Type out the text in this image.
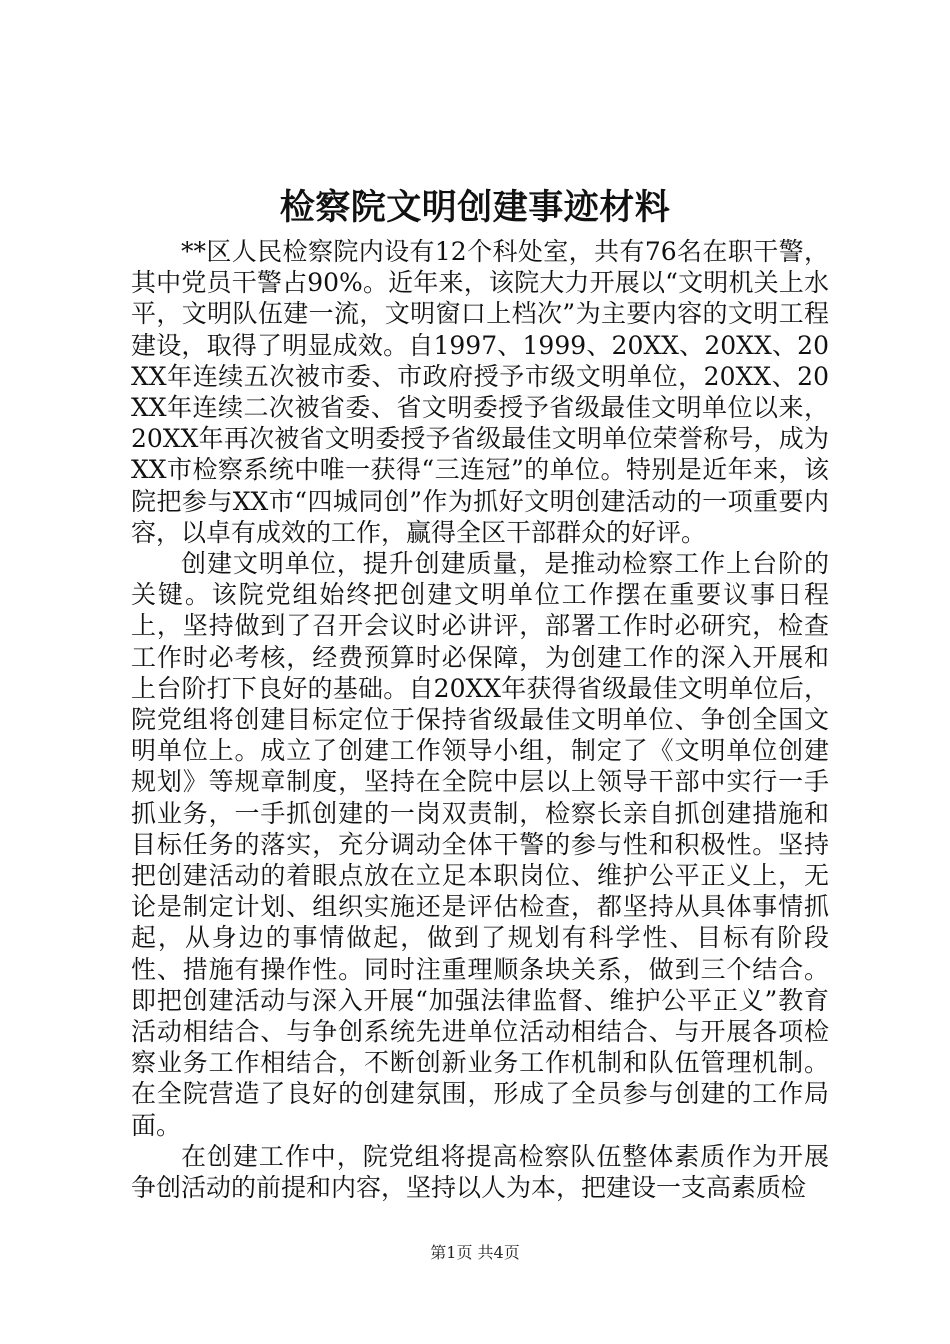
检察院文明创建事迹材料

**区人民检察院内设有12个科处室，共有76名在职干警，其中党员干警占90%。近年来，该院大力开展以“文明机关上水平，文明队伍建一流，文明窗口上档次”为主要内容的文明工程建设，取得了明显成效。自1997、1999、20XX、20XX、20XX年连续五次被市委、市政府授予市级文明单位，20XX、20XX年连续二次被省委、省文明委授予省级最佳文明单位以来，20XX年再次被省文明委授予省级最佳文明单位荣誉称号，成为XX市检察系统中唯一获得“三连冠”的单位。特别是近年来，该院把参与XX市“四城同创”作为抓好文明创建活动的一项重要内容，以卓有成效的工作，赢得全区干部群众的好评。

创建文明单位，提升创建质量，是推动检察工作上台阶的关键。该院党组始终把创建文明单位工作摆在重要议事日程上，坚持做到了召开会议时必讲评，部署工作时必研究，检查工作时必考核，经费预算时必保障，为创建工作的深入开展和上台阶打下良好的基础。自20XX年获得省级最佳文明单位后，院党组将创建目标定位于保持省级最佳文明单位、争创全国文明单位上。成立了创建工作领导小组，制定了《文明单位创建规划》等规章制度，坚持在全院中层以上领导干部中实行一手抓业务，一手抓创建的一岗双责制，检察长亲自抓创建措施和目标任务的落实，充分调动全体干警的参与性和积极性。坚持把创建活动的着眼点放在立足本职岗位、维护公平正义上，无论是制定计划、组织实施还是评估检查，都坚持从具体事情抓起，从身边的事情做起，做到了规划有科学性、目标有阶段性、措施有操作性。同时注重理顺条块关系，做到三个结合。即把创建活动与深入开展“加强法律监督、维护公平正义”教育活动相结合、与争创系统先进单位活动相结合、与开展各项检察业务工作相结合，不断创新业务工作机制和队伍管理机制。在全院营造了良好的创建氛围，形成了全员参与创建的工作局面。

在创建工作中，院党组将提高检察队伍整体素质作为开展争创活动的前提和内容，坚持以人为本，把建设一支高素质检

第1页 共4页
